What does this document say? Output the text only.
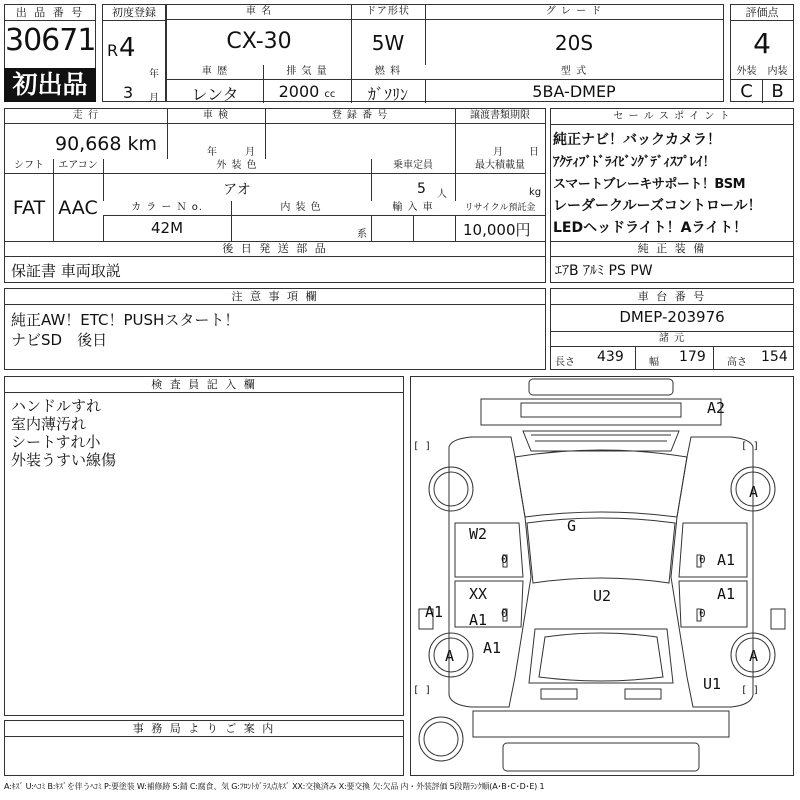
出 品 番 号
30671
初出品
初度登録
R 4
年
3 月
車 名	ドア形状	グ レ ー ド
CX-30	5W	20S
車 歴	排 気 量	燃 料	型 式
レンタ	2000 cc	ｶﾞｿﾘﾝ	5BA-DMEP
評価点
4
外装	内装
C	B
走 行	車 検	登 録 番 号	譲渡書類期限
90,668 km	年	月	月	日
シフト	エアコン	外 装 色	乗車定員	最大積載量
FAT AAC
アオ	5 人	kg
カ ラ ー Ｎ o.	内 装 色	輸 入 車	リサイクル預託金
42M	系	10,000円
セ ー ル ス ポ イ ン ト
純正ナビ！バックカメラ！
ｱｸﾃｨﾌﾞﾄﾞﾗｲﾋﾞﾝｸﾞﾃﾞｨｽﾌﾟﾚｲ！
スマートブレーキサポート！BSM
レーダークルーズコントロール！
LEDヘッドライト！Aライト！
後 日 発 送 部 品
保証書 車両取説
純 正 装 備
ｴｱB ｱﾙﾐ PS PW
注 意 事 項 欄
純正AW！ETC！PUSHスタート！
ナビSD　後日
車 台 番 号
DMEP-203976
諸 元
長さ 439	幅 179 高さ 154
検 査 員 記 入 欄
ハンドルすれ
室内薄汚れ
シートすれ小
外装うすい線傷
事 務 局 よ り ご 案 内
A2
G
W2
XX
A1
U2
A1
A1
A1
A1
U1
A
A	A
0
0
0
0
[ ]	[ ]
[ ]	[ ]
A:ｷｽﾞ U:ﾍｺﾐ B:ｷｽﾞを伴うﾍｺﾐ P:要塗装 W:補修跡 S:錆 C:腐食、気 G:ﾌﾛﾝﾄｶﾞﾗｽ点ｷｽﾞ XX:交換済み X:要交換 欠:欠品 内・外装評価 5段階ﾗﾝｸ順(A･B･C･D･E) 1
